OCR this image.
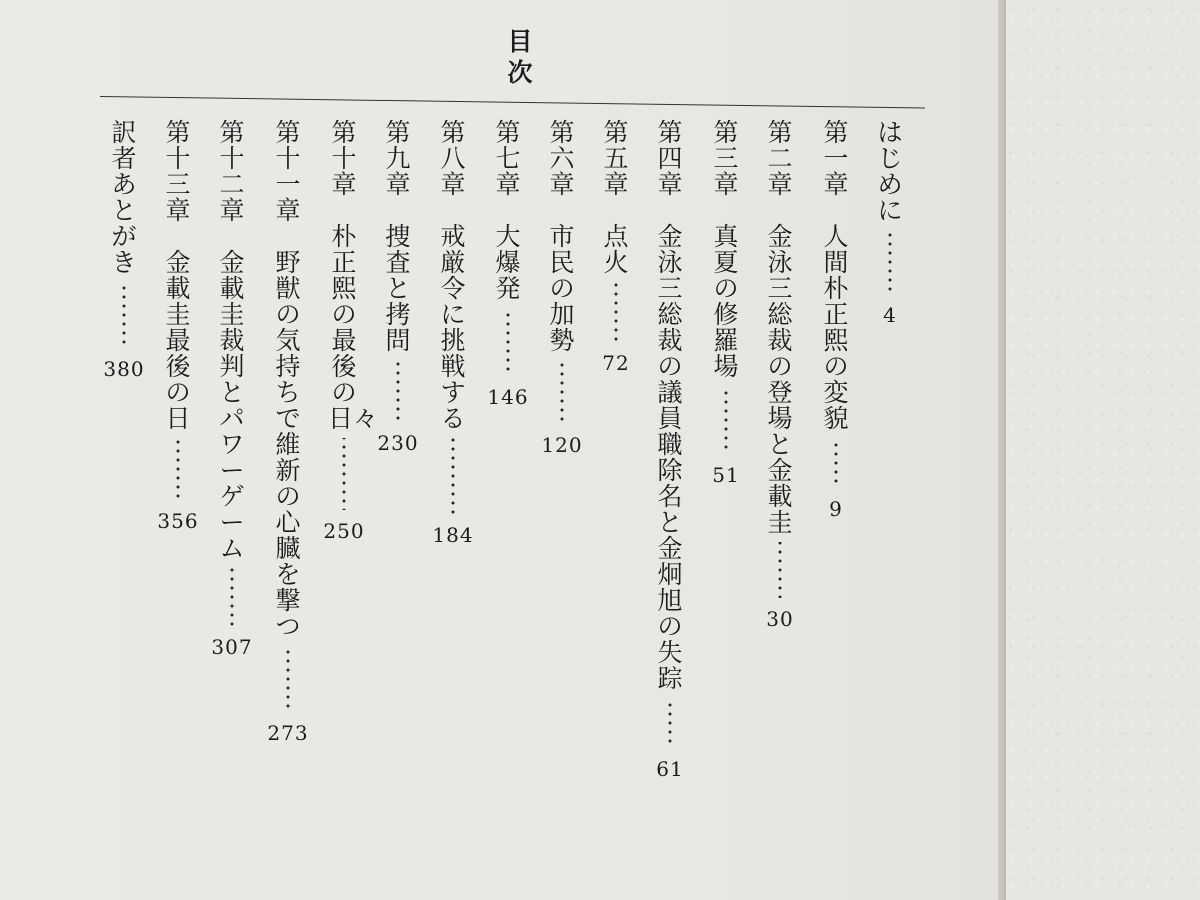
目次
はじめに
4
第一章
人間朴正熙の変貌
9
第二章
金泳三総裁の登場と金載圭
30
第三章
真夏の修羅場
51
第四章
金泳三総裁の議員職除名と金炯旭の失踪
61
第五章
点火
72
第六章
市民の加勢
120
第七章
大爆発
146
第八章
戒厳令に挑戦する
184
第九章
捜査と拷問
230
第十章
朴正熙の最後の日々
250
第十一章
野獣の気持ちで維新の心臓を撃つ
273
第十二章
金載圭裁判とパワーゲーム
307
第十三章
金載圭最後の日
356
訳者あとがき
380
